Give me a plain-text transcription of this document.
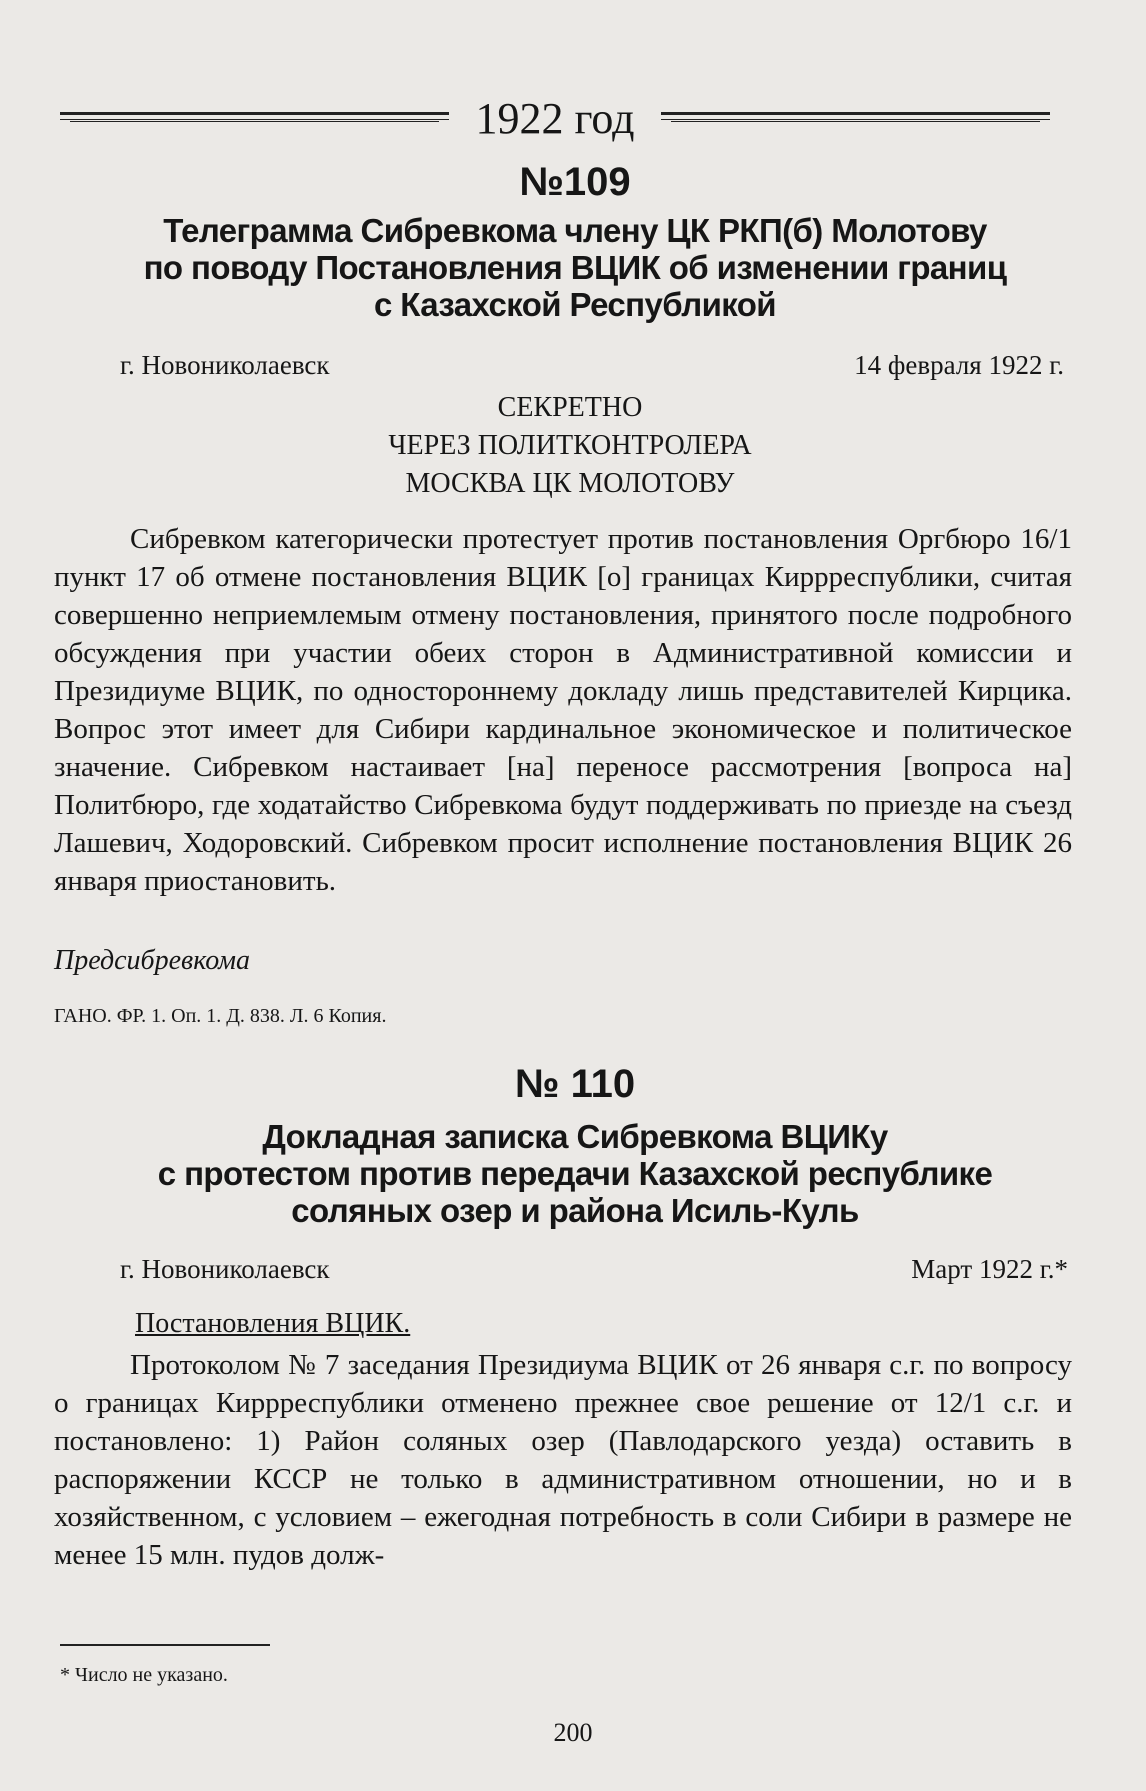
1922 год
№109
Телеграмма Сибревкома члену ЦК РКП(б) Молотову
по поводу Постановления ВЦИК об изменении границ
с Казахской Республикой
г. Новониколаевск	14 февраля 1922 г.
СЕКРЕТНО
ЧЕРЕЗ ПОЛИТКОНТРОЛЕРА
МОСКВА ЦК МОЛОТОВУ

Сибревком категорически протестует против постановления Оргбюро 16/1 пункт 17 об отмене постановления ВЦИК [о] границах Киррреспублики, считая совершенно неприемлемым отмену постановления, принятого после подробного обсуждения при участии обеих сторон в Административной комиссии и Президиуме ВЦИК, по одностороннему докладу лишь представителей Кирцика. Вопрос этот имеет для Сибири кардинальное экономическое и политическое значение. Сибревком настаивает [на] переносе рассмотрения [вопроса на] Политбюро, где ходатайство Сибревкома будут поддерживать по приезде на съезд Лашевич, Ходоровский. Сибревком просит исполнение постановления ВЦИК 26 января приостановить.

Предсибревкома
ГАНО. ФР. 1. Оп. 1. Д. 838. Л. 6 Копия.
№ 110
Докладная записка Сибревкома ВЦИКу
с протестом против передачи Казахской республике
соляных озер и района Исиль-Куль
г. Новониколаевск	Март 1922 г.*
Постановления ВЦИК.

Протоколом № 7 заседания Президиума ВЦИК от 26 января с.г. по вопросу о границах Киррреспублики отменено прежнее свое решение от 12/1 с.г. и постановлено: 1) Район соляных озер (Павлодарского уезда) оставить в распоряжении КССР не только в административном отношении, но и в хозяйственном, с условием – ежегодная потребность в соли Сибири в размере не менее 15 млн. пудов долж-

* Число не указано.
200
